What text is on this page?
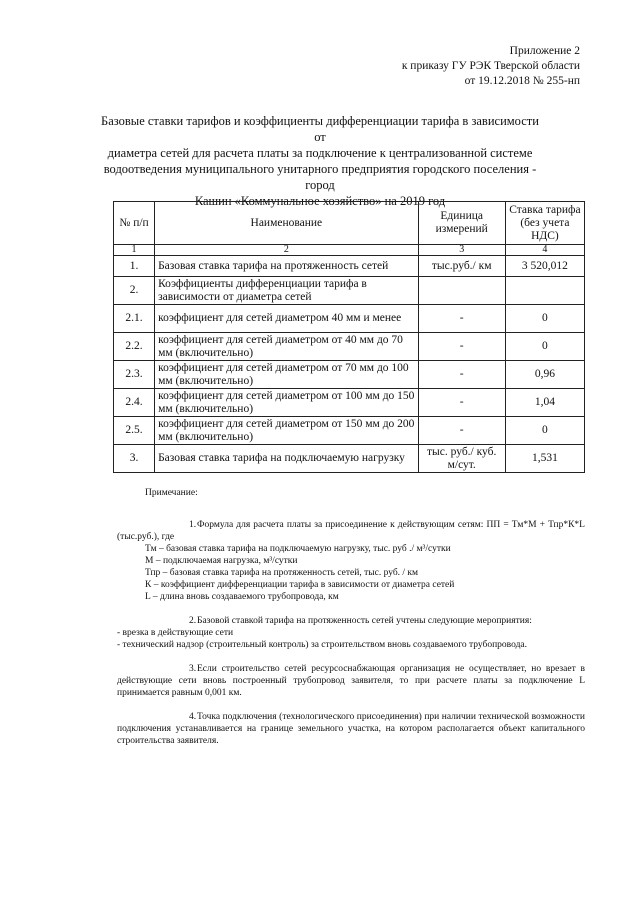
Приложение 2
к приказу ГУ РЭК Тверской области
от 19.12.2018 № 255-нп
Базовые ставки тарифов и коэффициенты дифференциации тарифа в зависимости от
диаметра сетей для расчета платы за подключение к централизованной системе
водоотведения муниципального унитарного предприятия городского поселения - город
Кашин «Коммунальное хозяйство» на 2019 год
№ п/п	Наименование	Единица измерений	Ставка тарифа (без учета НДС)
1	2	3	4
1.	Базовая ставка тарифа на протяженность сетей	тыс.руб./ км	3 520,012
2.	Коэффициенты дифференциации тарифа в зависимости от диаметра сетей		
2.1.	коэффициент для сетей диаметром 40 мм и менее	-	0
2.2.	коэффициент для сетей диаметром от 40 мм до 70 мм (включительно)	-	0
2.3.	коэффициент для сетей диаметром от 70 мм до 100 мм (включительно)	-	0,96
2.4.	коэффициент для сетей диаметром от 100 мм до 150 мм (включительно)	-	1,04
2.5.	коэффициент для сетей диаметром от 150 мм до 200 мм (включительно)	-	0
3.	Базовая ставка тарифа на подключаемую нагрузку	тыс. руб./ куб. м/сут.	1,531

Примечание:

1.Формула для расчета платы за присоединение к действующим сетям: ПП = Тм*М + Тпр*К*L (тыс.руб.), где

Тм – базовая ставка тарифа на подключаемую нагрузку, тыс. руб ./ м³/сутки

М – подключаемая нагрузка, м³/сутки

Тпр – базовая ставка тарифа на протяженность сетей, тыс. руб. / км

К – коэффициент дифференциации тарифа в зависимости от диаметра сетей

L – длина вновь создаваемого трубопровода, км

2.Базовой ставкой тарифа на протяженность сетей учтены следующие мероприятия:

- врезка в действующие сети

- технический надзор (строительный контроль) за строительством вновь создаваемого трубопровода.

3.Если строительство сетей ресурсоснабжающая организация не осуществляет, но врезает в действующие сети вновь построенный трубопровод заявителя, то при расчете платы за подключение L принимается равным 0,001 км.

4.Точка подключения (технологического присоединения) при наличии технической возможности подключения устанавливается на границе земельного участка, на котором располагается объект капитального строительства заявителя.
